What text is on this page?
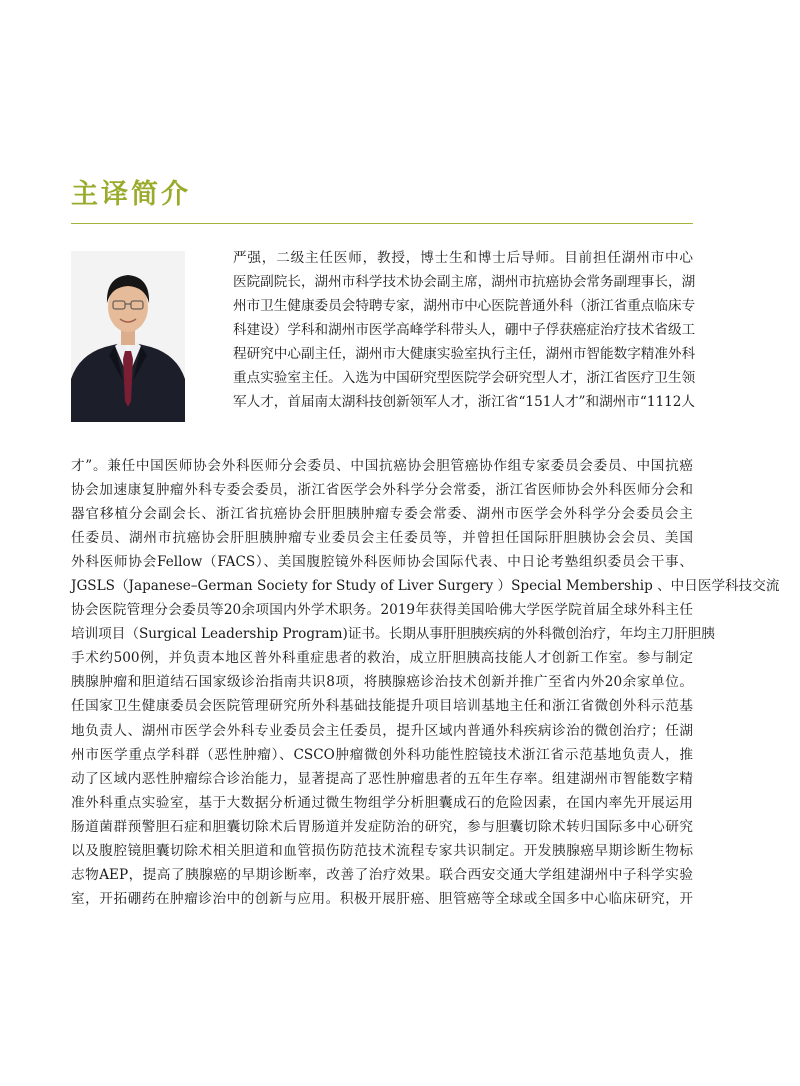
主译简介
严强，二级主任医师，教授，博士生和博士后导师。目前担任湖州市中心
医院副院长，湖州市科学技术协会副主席，湖州市抗癌协会常务副理事长，湖
州市卫生健康委员会特聘专家，湖州市中心医院普通外科（浙江省重点临床专
科建设）学科和湖州市医学高峰学科带头人，硼中子俘获癌症治疗技术省级工
程研究中心副主任，湖州市大健康实验室执行主任，湖州市智能数字精准外科
重点实验室主任。入选为中国研究型医院学会研究型人才，浙江省医疗卫生领
军人才，首届南太湖科技创新领军人才，浙江省“151人才”和湖州市“1112人
才”。兼任中国医师协会外科医师分会委员、中国抗癌协会胆管癌协作组专家委员会委员、中国抗癌
协会加速康复肿瘤外科专委会委员，浙江省医学会外科学分会常委，浙江省医师协会外科医师分会和
器官移植分会副会长、浙江省抗癌协会肝胆胰肿瘤专委会常委、湖州市医学会外科学分会委员会主
任委员、湖州市抗癌协会肝胆胰肿瘤专业委员会主任委员等，并曾担任国际肝胆胰协会会员、美国
外科医师协会Fellow（FACS）、美国腹腔镜外科医师协会国际代表、中日论考塾组织委员会干事、
JGSLS（Japanese–German Society for Study of Liver Surgery ）Special Membership 、中日医学科技交流
协会医院管理分会委员等20余项国内外学术职务。2019年获得美国哈佛大学医学院首届全球外科主任
培训项目（Surgical Leadership Program)证书。长期从事肝胆胰疾病的外科微创治疗，年均主刀肝胆胰
手术约500例，并负责本地区普外科重症患者的救治，成立肝胆胰高技能人才创新工作室。参与制定
胰腺肿瘤和胆道结石国家级诊治指南共识8项，将胰腺癌诊治技术创新并推广至省内外20余家单位。
任国家卫生健康委员会医院管理研究所外科基础技能提升项目培训基地主任和浙江省微创外科示范基
地负责人、湖州市医学会外科专业委员会主任委员，提升区域内普通外科疾病诊治的微创治疗；任湖
州市医学重点学科群（恶性肿瘤）、CSCO肿瘤微创外科功能性腔镜技术浙江省示范基地负责人，推
动了区域内恶性肿瘤综合诊治能力，显著提高了恶性肿瘤患者的五年生存率。组建湖州市智能数字精
准外科重点实验室，基于大数据分析通过微生物组学分析胆囊成石的危险因素，在国内率先开展运用
肠道菌群预警胆石症和胆囊切除术后胃肠道并发症防治的研究，参与胆囊切除术转归国际多中心研究
以及腹腔镜胆囊切除术相关胆道和血管损伤防范技术流程专家共识制定。开发胰腺癌早期诊断生物标
志物AEP，提高了胰腺癌的早期诊断率，改善了治疗效果。联合西安交通大学组建湖州中子科学实验
室，开拓硼药在肿瘤诊治中的创新与应用。积极开展肝癌、胆管癌等全球或全国多中心临床研究，开
